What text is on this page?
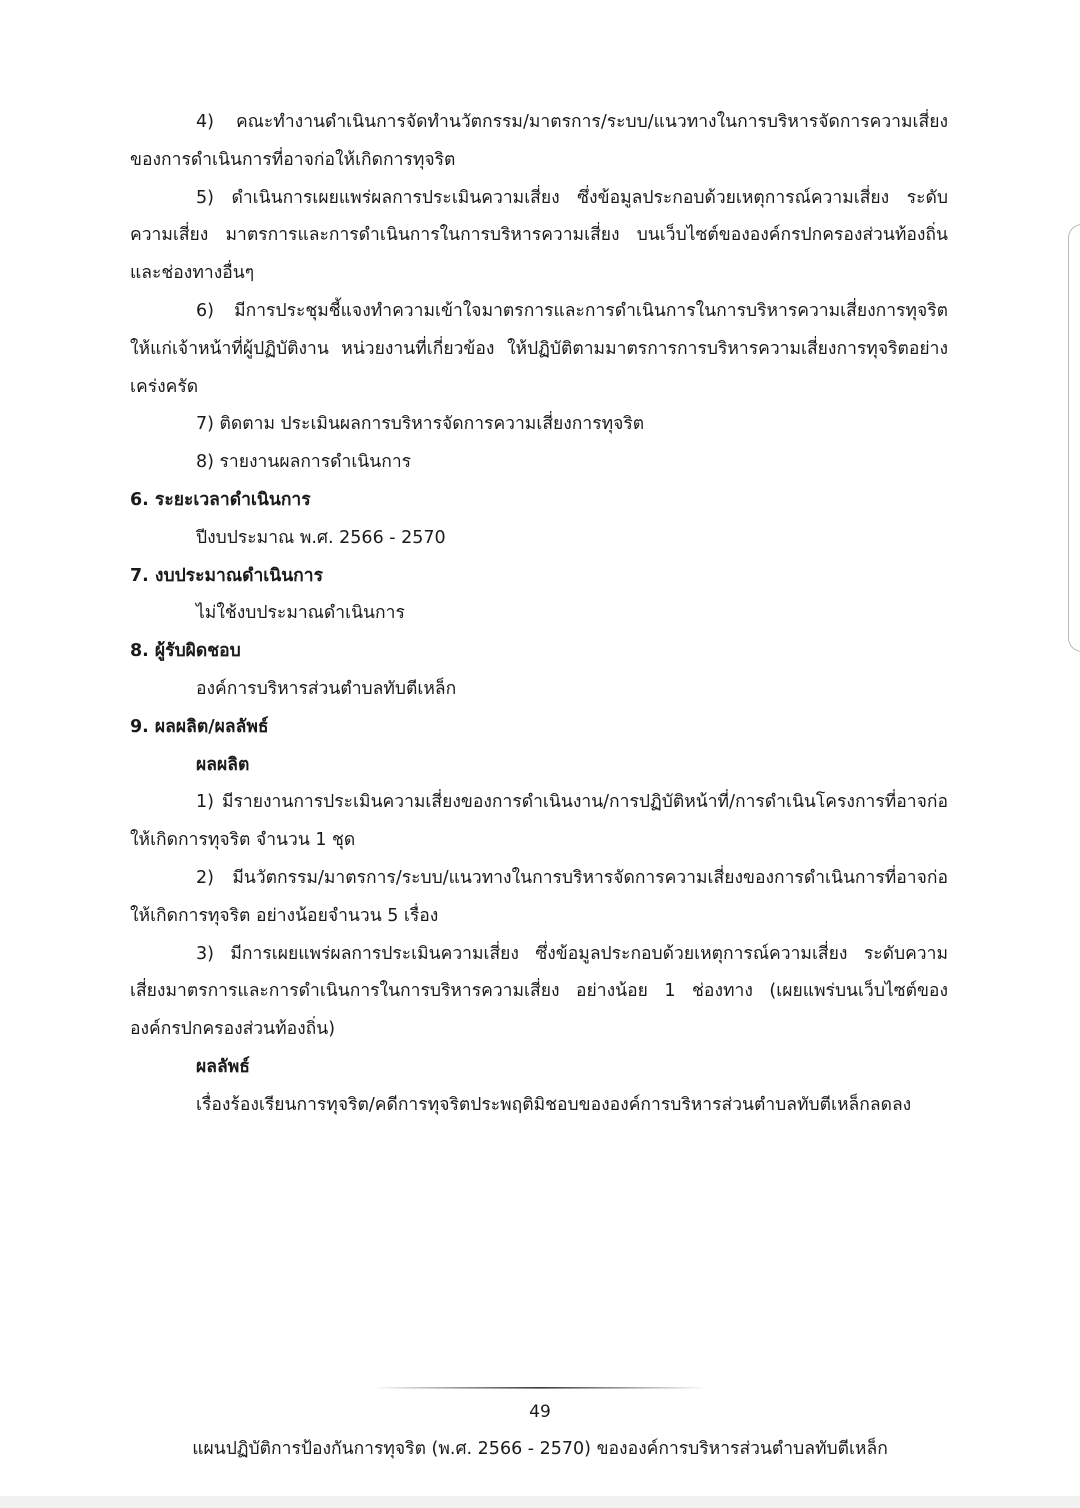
4) คณะทำงานดำเนินการจัดทำนวัตกรรม/มาตรการ/ระบบ/แนวทางในการบริหารจัดการความเสี่ยงของการดำเนินการที่อาจก่อให้เกิดการทุจริต

5) ดำเนินการเผยแพร่ผลการประเมินความเสี่ยง ซึ่งข้อมูลประกอบด้วยเหตุการณ์ความเสี่ยง ระดับความเสี่ยง มาตรการและการดำเนินการในการบริหารความเสี่ยง บนเว็บไซต์ขององค์กรปกครองส่วนท้องถิ่นและช่องทางอื่นๆ

6) มีการประชุมชี้แจงทำความเข้าใจมาตรการและการดำเนินการในการบริหารความเสี่ยงการทุจริตให้แก่เจ้าหน้าที่ผู้ปฏิบัติงาน หน่วยงานที่เกี่ยวข้อง ให้ปฏิบัติตามมาตรการการบริหารความเสี่ยงการทุจริตอย่างเคร่งครัด

7) ติดตาม ประเมินผลการบริหารจัดการความเสี่ยงการทุจริต

8) รายงานผลการดำเนินการ

6. ระยะเวลาดำเนินการ

ปีงบประมาณ พ.ศ. 2566 - 2570

7. งบประมาณดำเนินการ

ไม่ใช้งบประมาณดำเนินการ

8. ผู้รับผิดชอบ

องค์การบริหารส่วนตำบลทับตีเหล็ก

9. ผลผลิต/ผลลัพธ์

ผลผลิต

1) มีรายงานการประเมินความเสี่ยงของการดำเนินงาน/การปฏิบัติหน้าที่/การดำเนินโครงการที่อาจก่อให้เกิดการทุจริต จำนวน 1 ชุด

2) มีนวัตกรรม/มาตรการ/ระบบ/แนวทางในการบริหารจัดการความเสี่ยงของการดำเนินการที่อาจก่อให้เกิดการทุจริต อย่างน้อยจำนวน 5 เรื่อง

3) มีการเผยแพร่ผลการประเมินความเสี่ยง ซึ่งข้อมูลประกอบด้วยเหตุการณ์ความเสี่ยง ระดับความเสี่ยงมาตรการและการดำเนินการในการบริหารความเสี่ยง อย่างน้อย 1 ช่องทาง (เผยแพร่บนเว็บไซต์ขององค์กรปกครองส่วนท้องถิ่น)

ผลลัพธ์

เรื่องร้องเรียนการทุจริต/คดีการทุจริตประพฤติมิชอบขององค์การบริหารส่วนตำบลทับตีเหล็กลดลง

49
แผนปฏิบัติการป้องกันการทุจริต (พ.ศ. 2566 - 2570) ขององค์การบริหารส่วนตำบลทับตีเหล็ก
